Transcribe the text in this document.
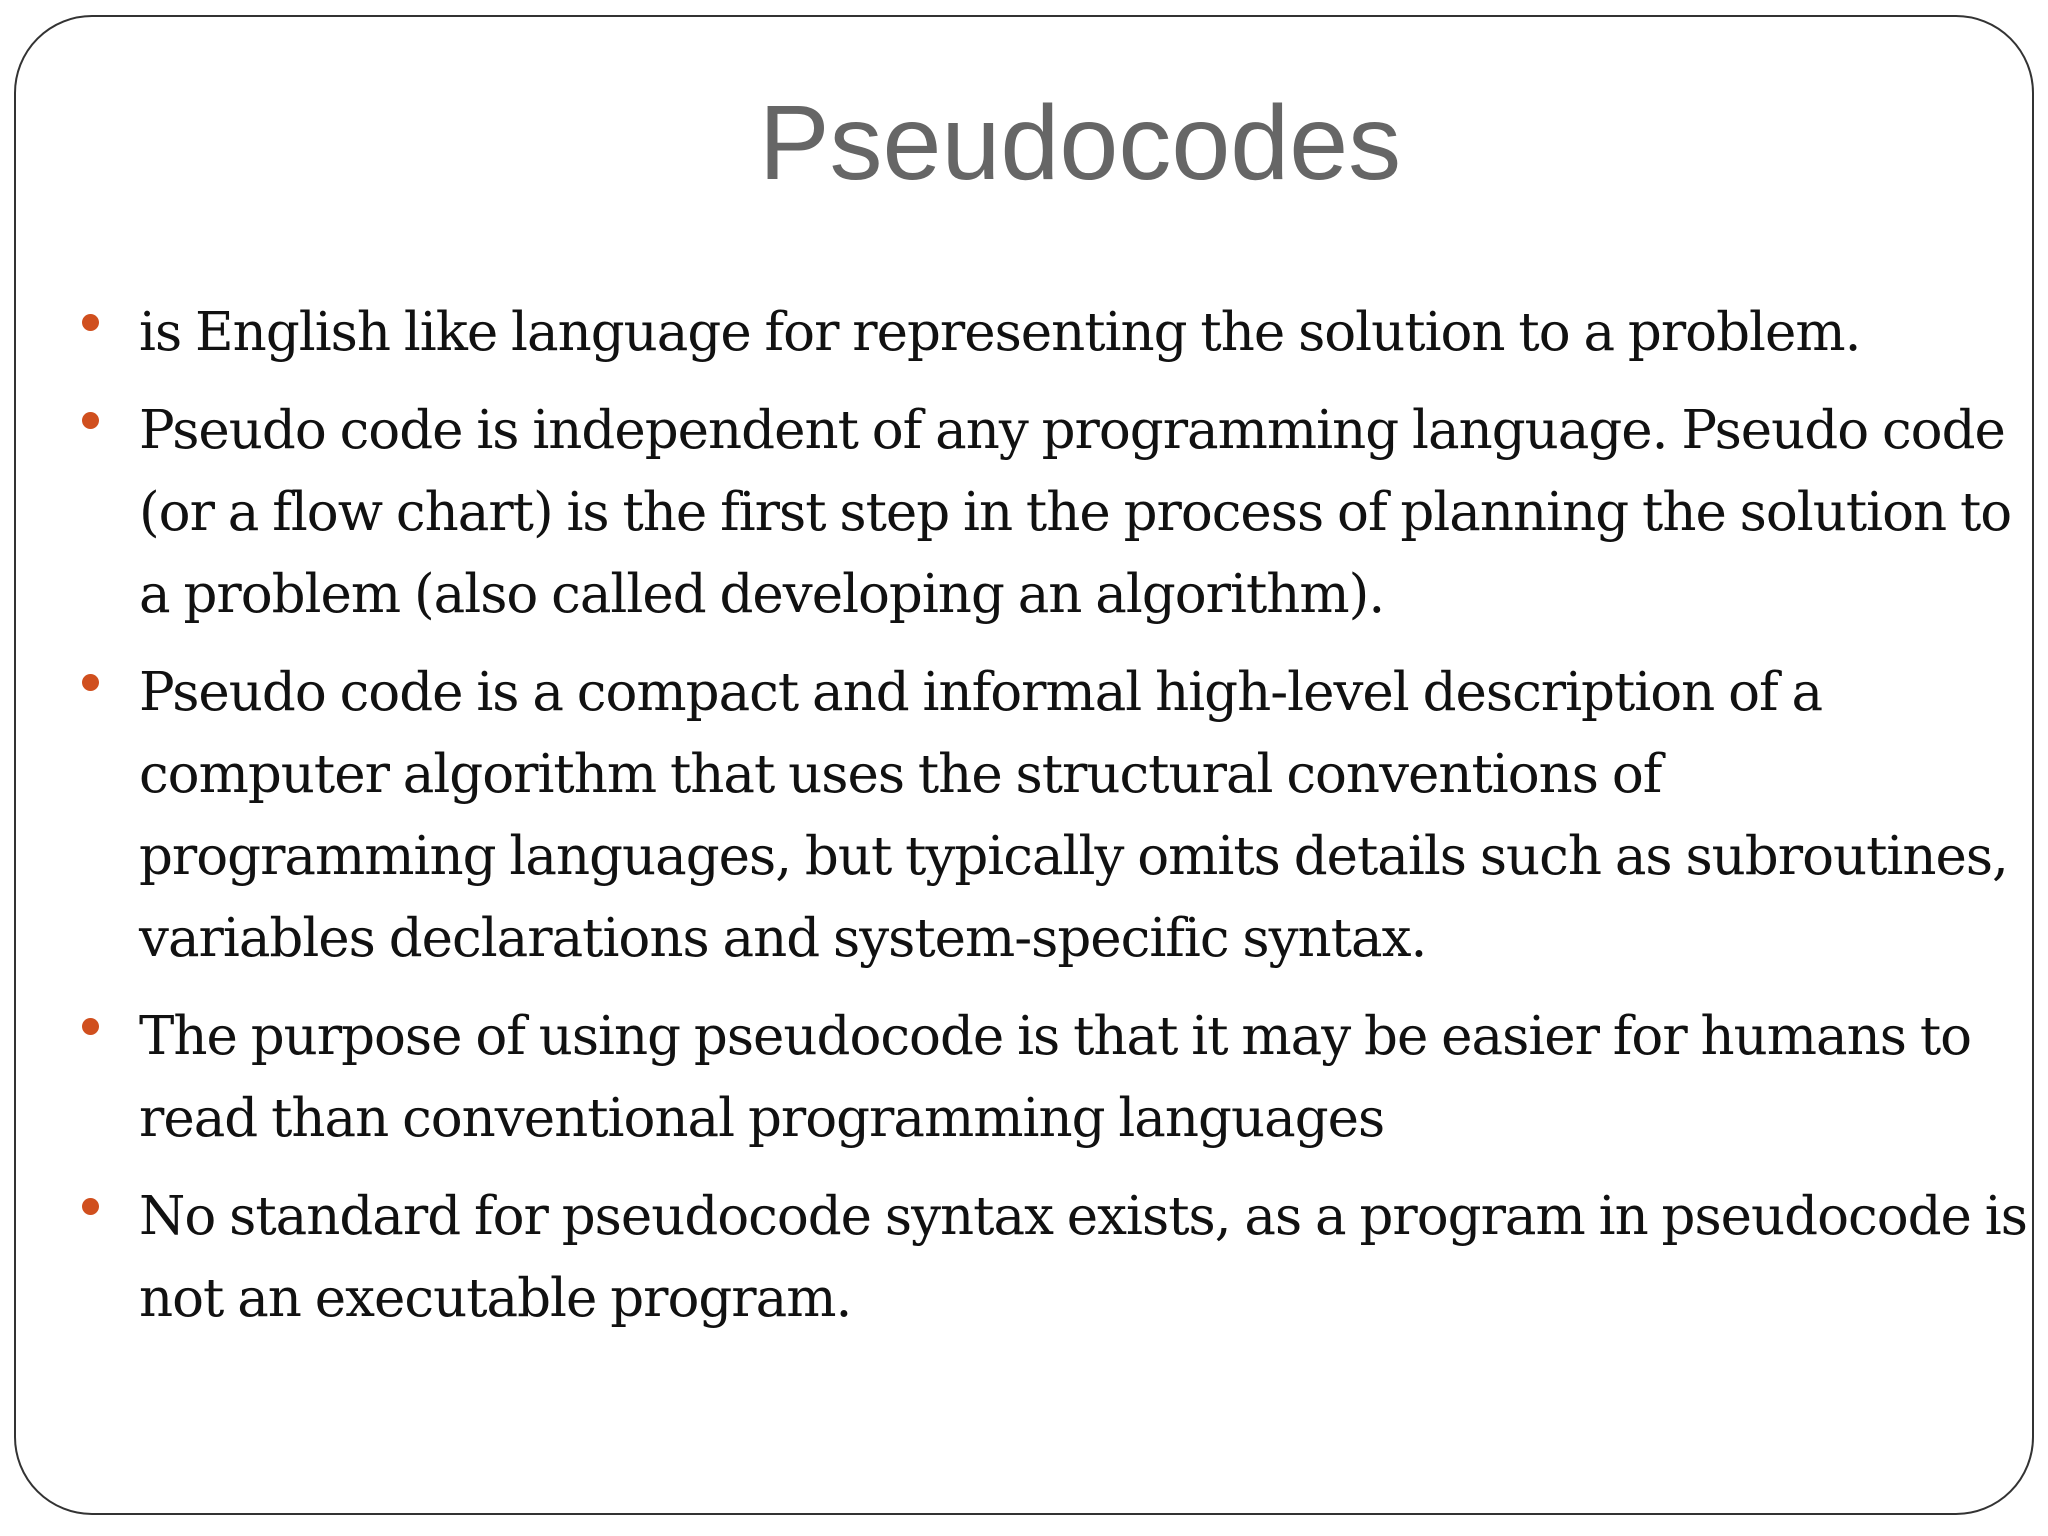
Pseudocodes
is English like language for representing the solution to a problem.
Pseudo code is independent of any programming language. Pseudo code (or a flow chart) is the first step in the process of planning the solution to a problem (also called developing an algorithm).
Pseudo code is a compact and informal high-level description of a computer algorithm that uses the structural conventions of programming languages, but typically omits details such as subroutines, variables declarations and system-specific syntax.
The purpose of using pseudocode is that it may be easier for humans to read than conventional programming languages
No standard for pseudocode syntax exists, as a program in pseudocode is not an executable program.
